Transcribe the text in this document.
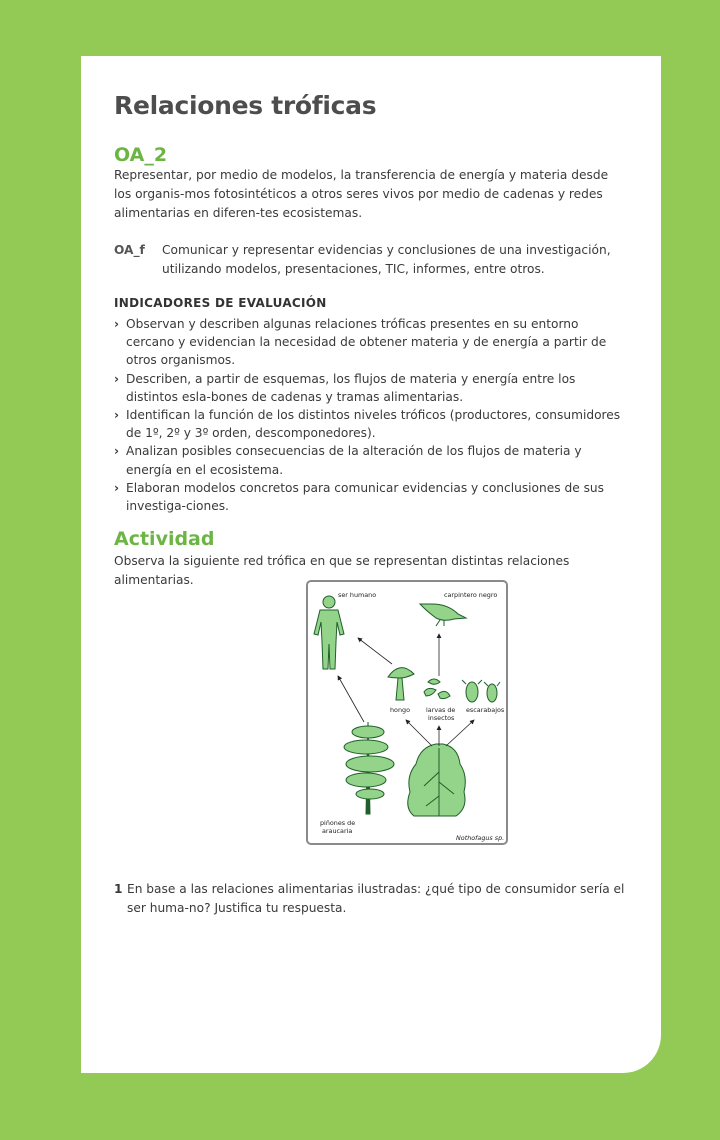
Relaciones tróficas
OA_2

Representar, por medio de modelos, la transferencia de energía y materia desde los organis-mos fotosintéticos a otros seres vivos por medio de cadenas y redes alimentarias en diferen-tes ecosistemas.

OA_f Comunicar y representar evidencias y conclusiones de una investigación, utilizando modelos, presentaciones, TIC, informes, entre otros.
INDICADORES DE EVALUACIÓN
› Observan y describen algunas relaciones tróficas presentes en su entorno cercano y evidencian la necesidad de obtener materia y de energía a partir de otros organismos.
› Describen, a partir de esquemas, los flujos de materia y energía entre los distintos esla-bones de cadenas y tramas alimentarias.
› Identifican la función de los distintos niveles tróficos (productores, consumidores de 1º, 2º y 3º orden, descomponedores).
› Analizan posibles consecuencias de la alteración de los flujos de materia y energía en el ecosistema.
› Elaboran modelos concretos para comunicar evidencias y conclusiones de sus investiga-ciones.
Actividad

Observa la siguiente red trófica en que se representan distintas relaciones alimentarias.

ser humano	carpintero negro
hongo	larvas de
insectos
escarabajos
piñones de
araucaria
Nothofagus sp.
1 En base a las relaciones alimentarias ilustradas: ¿qué tipo de consumidor sería el ser huma-no? Justifica tu respuesta.
